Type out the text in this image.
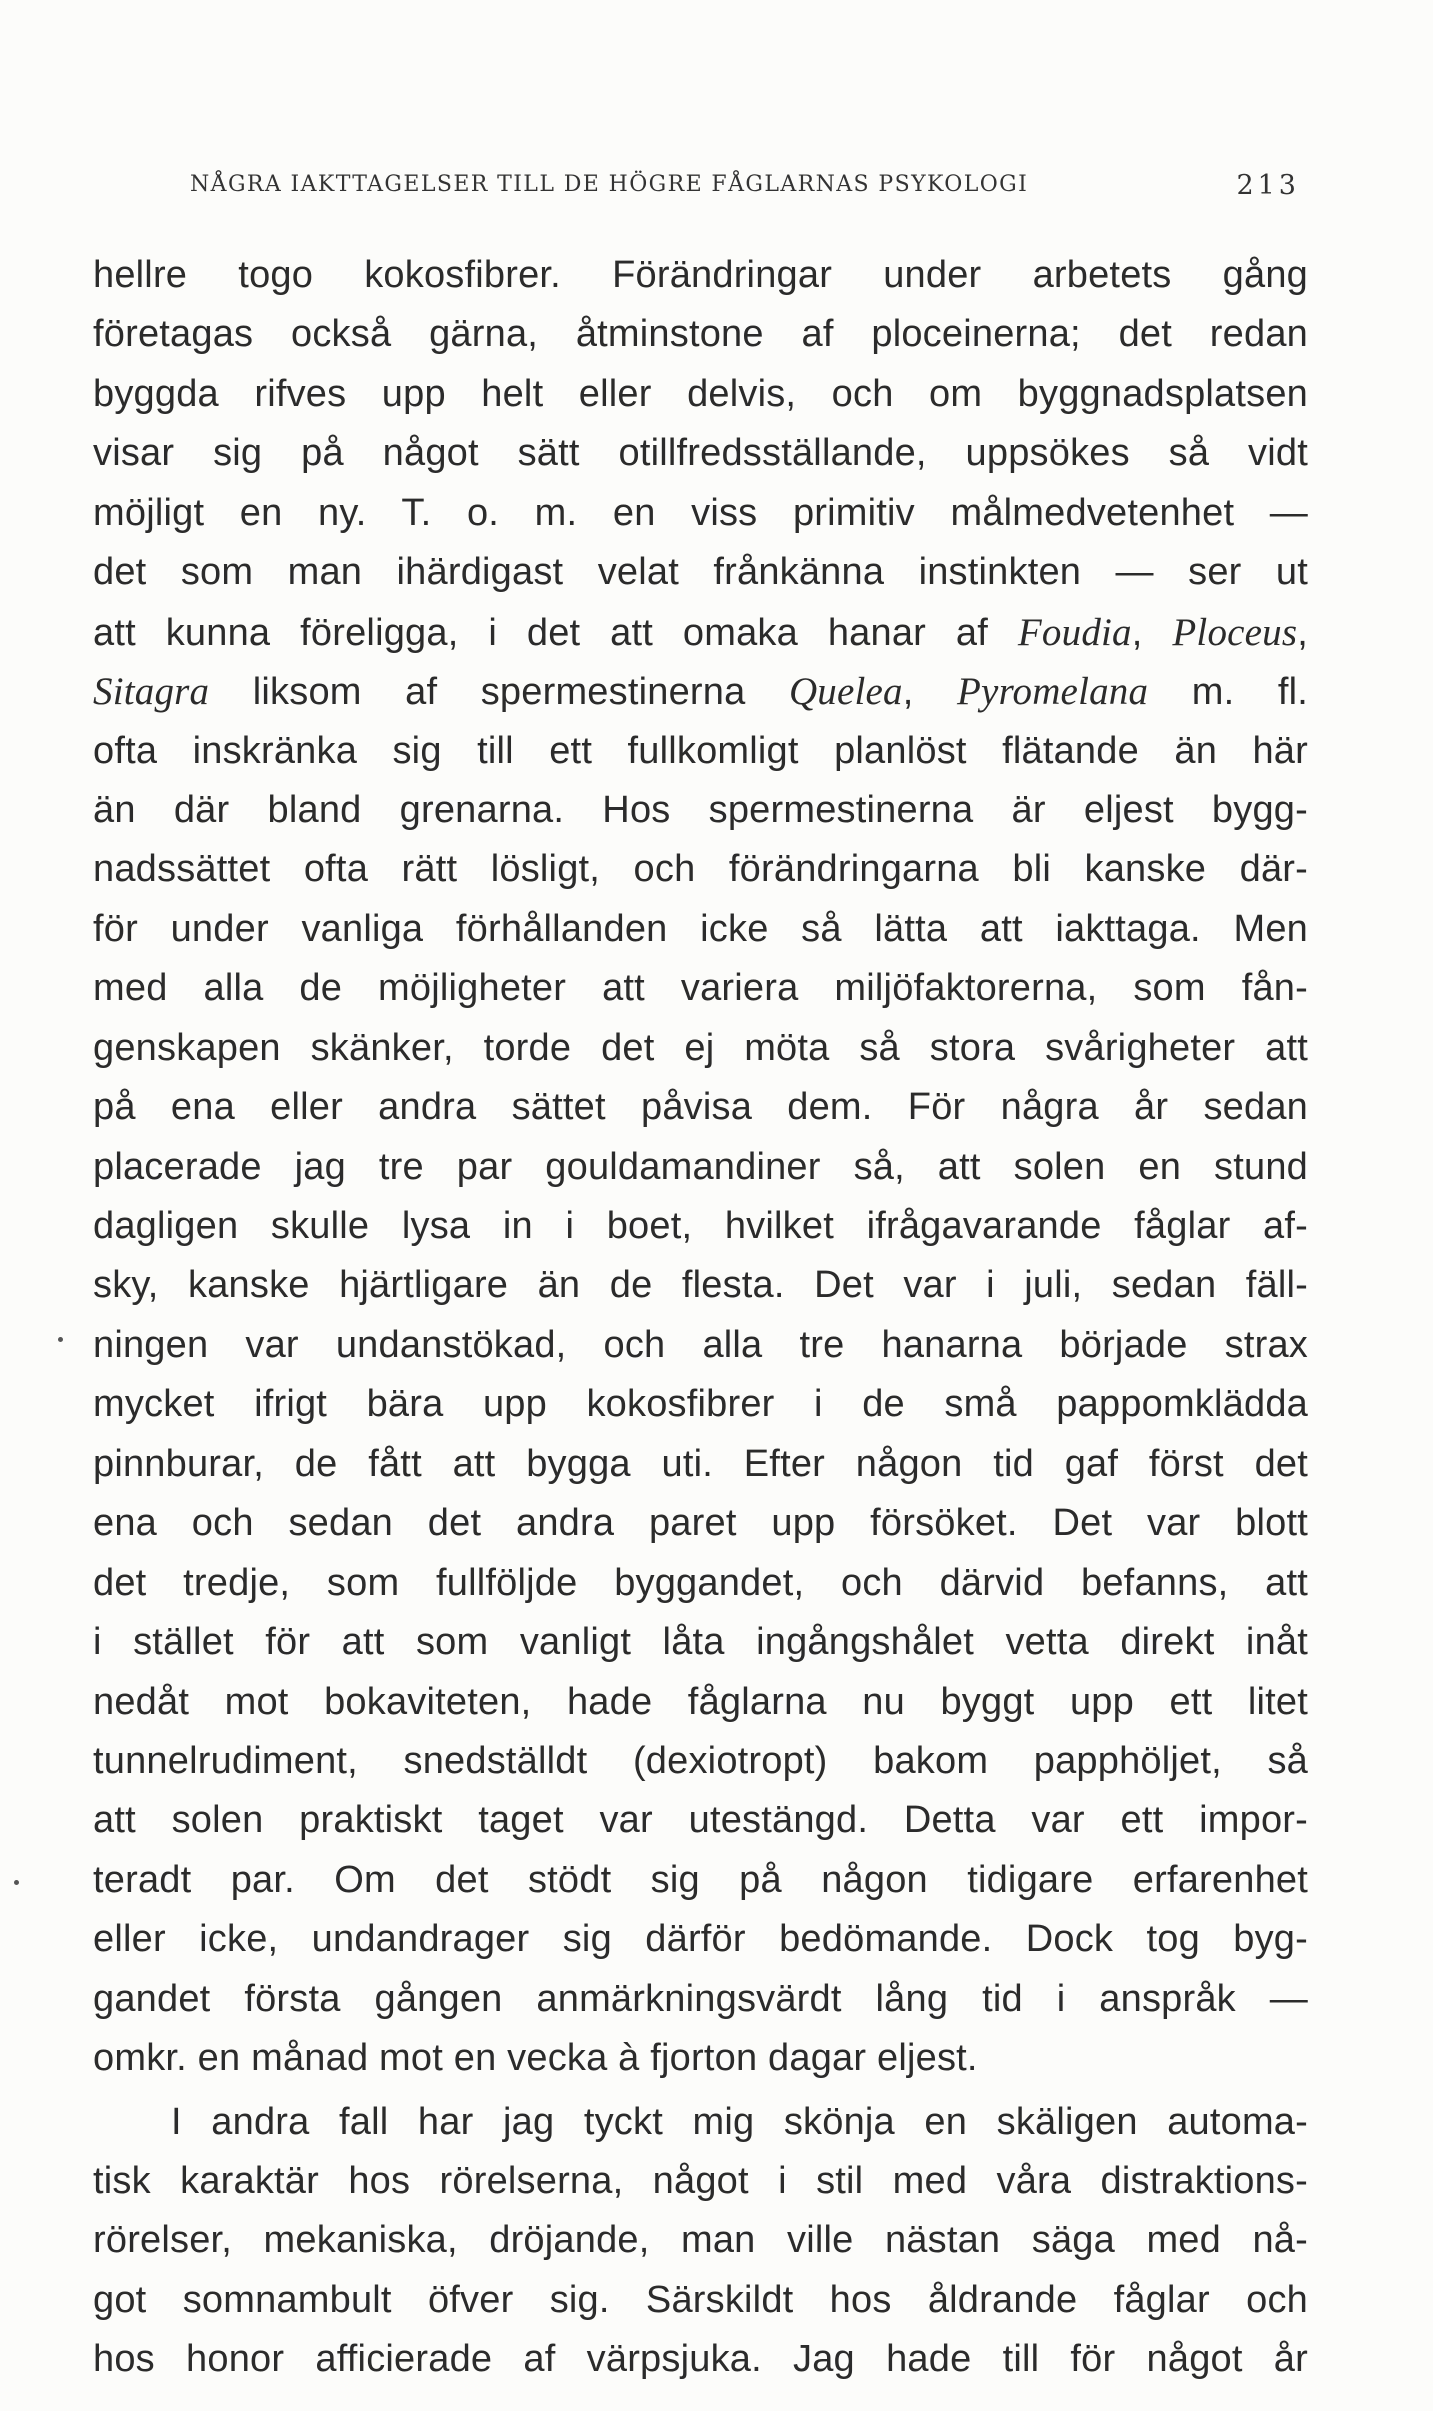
NÅGRA IAKTTAGELSER TILL DE HÖGRE FÅGLARNAS PSYKOLOGI	213
hellre togo kokosfibrer. Förändringar under arbetets gång
företagas också gärna, åtminstone af ploceinerna; det redan
byggda rifves upp helt eller delvis, och om byggnadsplatsen
visar sig på något sätt otillfredsställande, uppsökes så vidt
möjligt en ny. T. o. m. en viss primitiv målmedvetenhet —
det som man ihärdigast velat frånkänna instinkten — ser ut
att kunna föreligga, i det att omaka hanar af Foudia, Ploceus,
Sitagra liksom af spermestinerna Quelea, Pyromelana m. fl.
ofta inskränka sig till ett fullkomligt planlöst flätande än här
än där bland grenarna. Hos spermestinerna är eljest bygg-
nadssättet ofta rätt lösligt, och förändringarna bli kanske där-
för under vanliga förhållanden icke så lätta att iakttaga. Men
med alla de möjligheter att variera miljöfaktorerna, som fån-
genskapen skänker, torde det ej möta så stora svårigheter att
på ena eller andra sättet påvisa dem. För några år sedan
placerade jag tre par gouldamandiner så, att solen en stund
dagligen skulle lysa in i boet, hvilket ifrågavarande fåglar af-
sky, kanske hjärtligare än de flesta. Det var i juli, sedan fäll-
ningen var undanstökad, och alla tre hanarna började strax
mycket ifrigt bära upp kokosfibrer i de små pappomklädda
pinnburar, de fått att bygga uti. Efter någon tid gaf först det
ena och sedan det andra paret upp försöket. Det var blott
det tredje, som fullföljde byggandet, och därvid befanns, att
i stället för att som vanligt låta ingångshålet vetta direkt inåt
nedåt mot bokaviteten, hade fåglarna nu byggt upp ett litet
tunnelrudiment, snedställdt (dexiotropt) bakom papphöljet, så
att solen praktiskt taget var utestängd. Detta var ett impor-
teradt par. Om det stödt sig på någon tidigare erfarenhet
eller icke, undandrager sig därför bedömande. Dock tog byg-
gandet första gången anmärkningsvärdt lång tid i anspråk —
omkr. en månad mot en vecka à fjorton dagar eljest.
I andra fall har jag tyckt mig skönja en skäligen automa-
tisk karaktär hos rörelserna, något i stil med våra distraktions-
rörelser, mekaniska, dröjande, man ville nästan säga med nå-
got somnambult öfver sig. Särskildt hos åldrande fåglar och
hos honor afficierade af värpsjuka. Jag hade till för något år
